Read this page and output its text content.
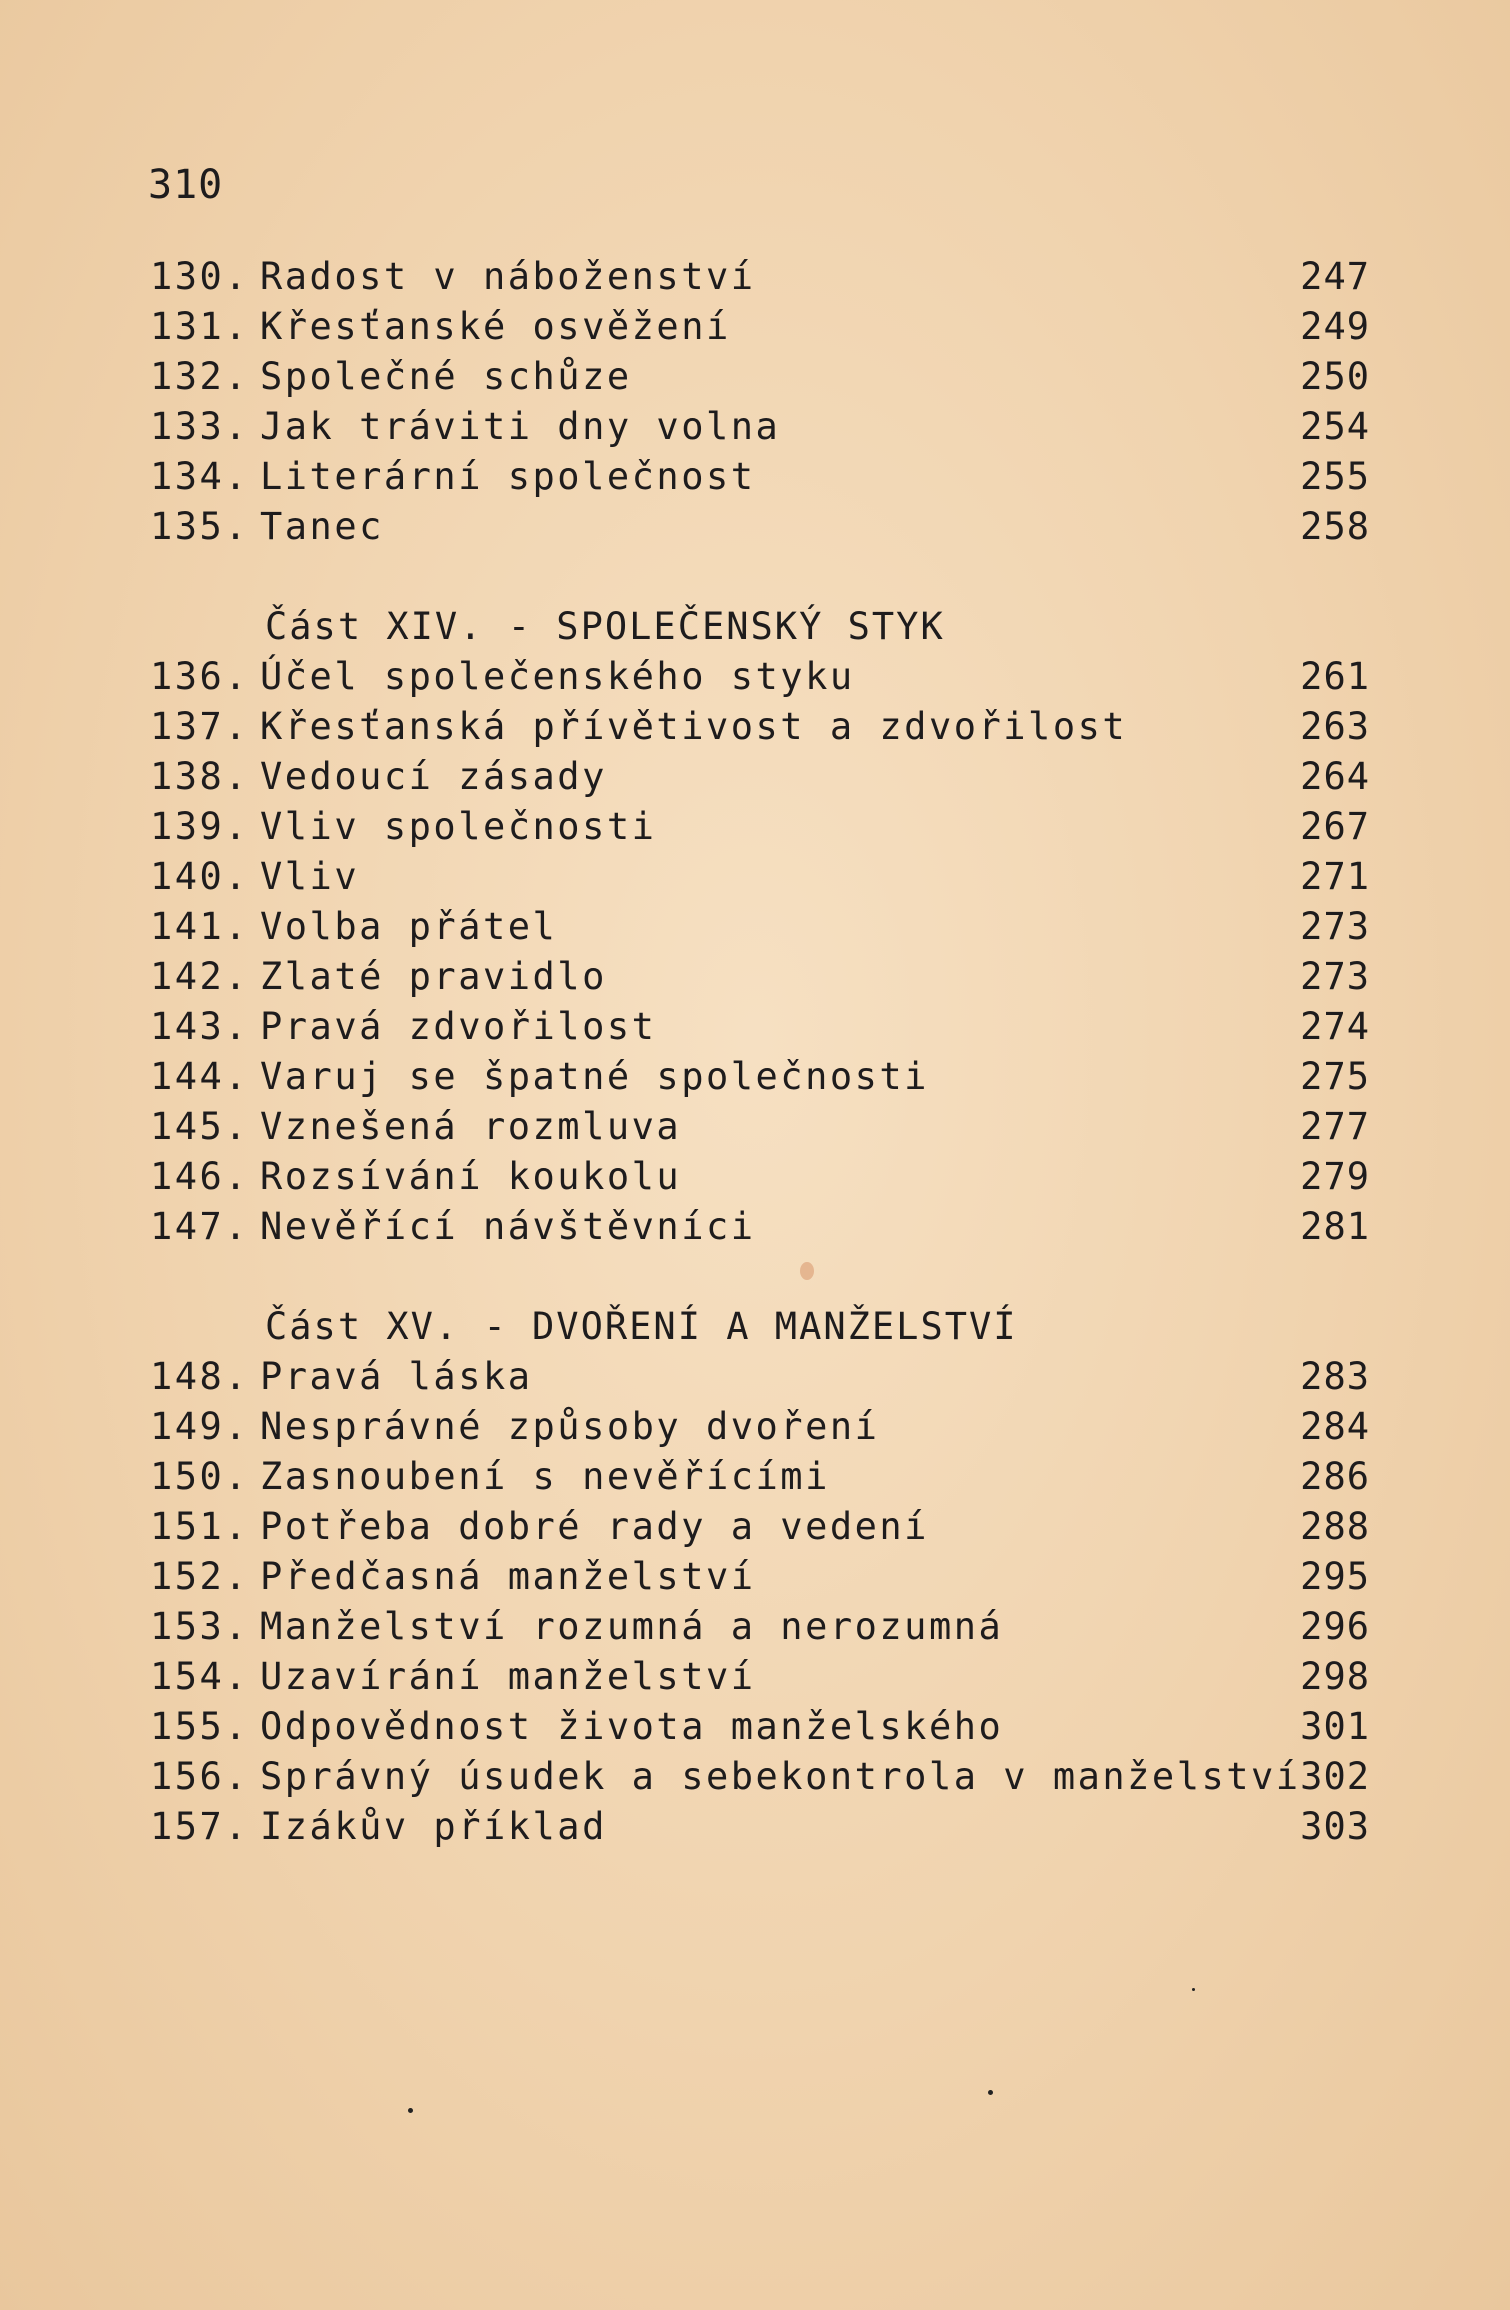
310
130. Radost v náboženství	247
131. Křesťanské osvěžení	249
132. Společné schůze	250
133. Jak tráviti dny volna	254
134. Literární společnost	255
135. Tanec	258
Část XIV. - SPOLEČENSKÝ STYK
136. Účel společenského styku	261
137. Křesťanská přívětivost a zdvořilost	263
138. Vedoucí zásady	264
139. Vliv společnosti	267
140. Vliv	271
141. Volba přátel	273
142. Zlaté pravidlo	273
143. Pravá zdvořilost	274
144. Varuj se špatné společnosti	275
145. Vznešená rozmluva	277
146. Rozsívání koukolu	279
147. Nevěřící návštěvníci	281
Část XV. - DVOŘENÍ A MANŽELSTVÍ
148. Pravá láska	283
149. Nesprávné způsoby dvoření	284
150. Zasnoubení s nevěřícími	286
151. Potřeba dobré rady a vedení	288
152. Předčasná manželství	295
153. Manželství rozumná a nerozumná	296
154. Uzavírání manželství	298
155. Odpovědnost života manželského	301
156. Správný úsudek a sebekontrola v manželství 302
157. Izákův příklad	303
